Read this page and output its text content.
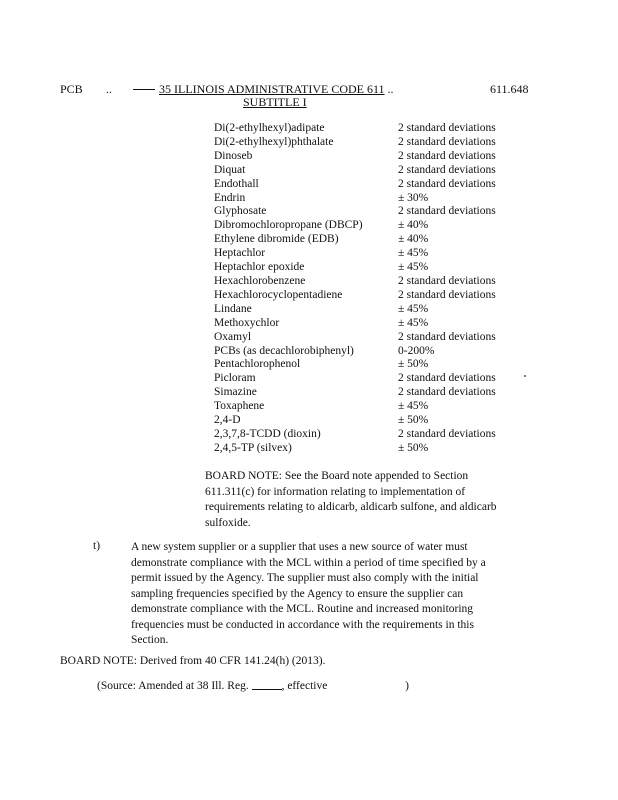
PCB ..	35 ILLINOIS ADMINISTRATIVE CODE 611 ..	611.648
SUBTITLE I
Di(2-ethylhexyl)adipate	2 standard deviations
Di(2-ethylhexyl)phthalate	2 standard deviations
Dinoseb	2 standard deviations
Diquat	2 standard deviations
Endothall	2 standard deviations
Endrin	± 30%
Glyphosate	2 standard deviations
Dibromochloropropane (DBCP)	± 40%
Ethylene dibromide (EDB)	± 40%
Heptachlor	± 45%
Heptachlor epoxide	± 45%
Hexachlorobenzene	2 standard deviations
Hexachlorocyclopentadiene	2 standard deviations
Lindane	± 45%
Methoxychlor	± 45%
Oxamyl	2 standard deviations
PCBs (as decachlorobiphenyl)	0-200%
Pentachlorophenol	± 50%
Picloram	2 standard deviations
Simazine	2 standard deviations
Toxaphene	± 45%
2,4-D	± 50%
2,3,7,8-TCDD (dioxin)	2 standard deviations
2,4,5-TP (silvex)	± 50%
BOARD NOTE: See the Board note appended to Section 611.311(c) for information relating to implementation of requirements relating to aldicarb, aldicarb sulfone, and aldicarb sulfoxide.
t)	A new system supplier or a supplier that uses a new source of water must demonstrate compliance with the MCL within a period of time specified by a permit issued by the Agency. The supplier must also comply with the initial sampling frequencies specified by the Agency to ensure the supplier can demonstrate compliance with the MCL. Routine and increased monitoring frequencies must be conducted in accordance with the requirements in this Section.
BOARD NOTE: Derived from 40 CFR 141.24(h) (2013).
(Source: Amended at 38 Ill. Reg.	, effective	)
